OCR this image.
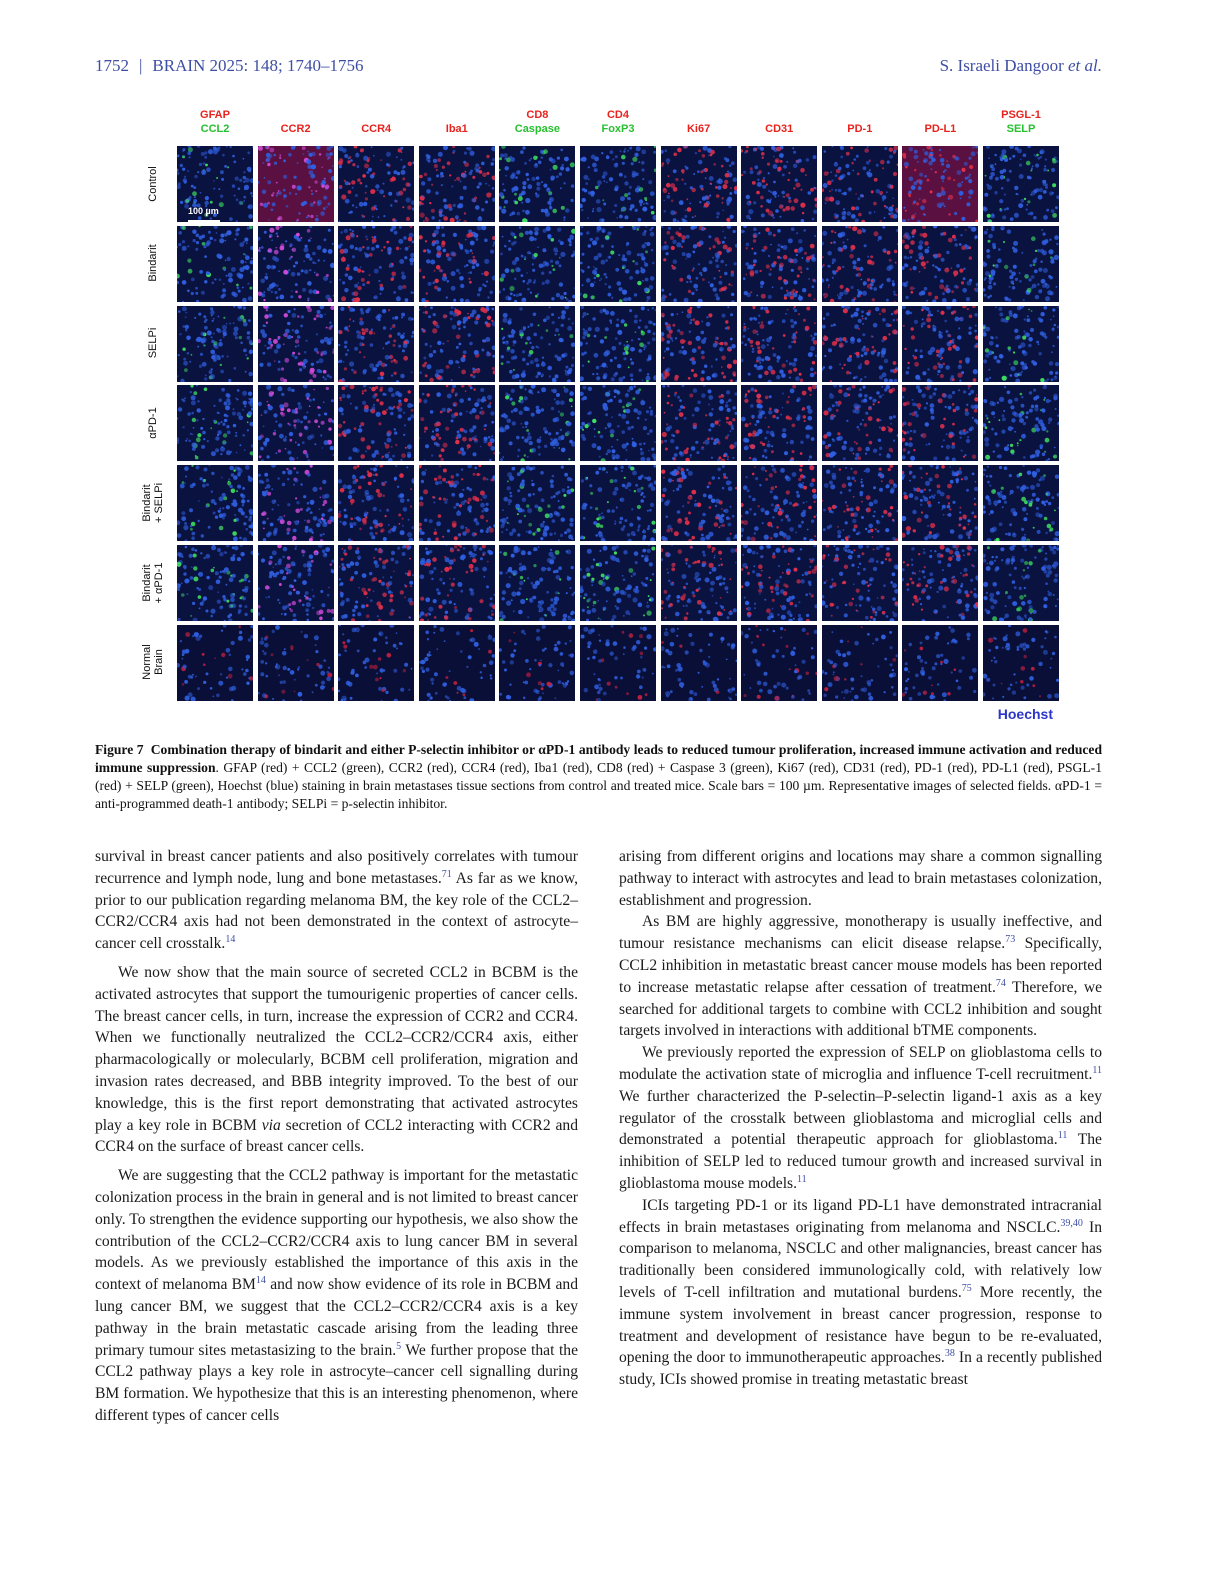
1752 | BRAIN 2025: 148; 1740–1756	S. Israeli Dangoor et al.
GFAP
CCL2
	CCR2
	CCR4
	Iba1
CD8
Caspase
CD4
FoxP3
	Ki67
	CD31
	PD-1
	PD-L1
PSGL-1
SELP
Control
Bindarit
SELPi
αPD-1
Bindarit + SELPi
Bindarit + αPD-1
Normal Brain
100 µm
Hoechst
Figure 7 Combination therapy of bindarit and either P-selectin inhibitor or αPD-1 antibody leads to reduced tumour proliferation, increased immune activation and reduced immune suppression. GFAP (red) + CCL2 (green), CCR2 (red), CCR4 (red), Iba1 (red), CD8 (red) + Caspase 3 (green), Ki67 (red), CD31 (red), PD-1 (red), PD-L1 (red), PSGL-1 (red) + SELP (green), Hoechst (blue) staining in brain metastases tissue sections from control and treated mice. Scale bars = 100 µm. Representative images of selected fields. αPD-1 = anti-programmed death-1 antibody; SELPi = p-selectin inhibitor.

survival in breast cancer patients and also positively correlates with tumour recurrence and lymph node, lung and bone metastases.$^{71}$ As far as we know, prior to our publication regarding melanoma BM, the key role of the CCL2–CCR2/CCR4 axis had not been demonstrated in the context of astrocyte–cancer cell crosstalk.$^{14}$

We now show that the main source of secreted CCL2 in BCBM is the activated astrocytes that support the tumourigenic properties of cancer cells. The breast cancer cells, in turn, increase the expression of CCR2 and CCR4. When we functionally neutralized the CCL2–CCR2/CCR4 axis, either pharmacologically or molecularly, BCBM cell proliferation, migration and invasion rates decreased, and BBB integrity improved. To the best of our knowledge, this is the first report demonstrating that activated astrocytes play a key role in BCBM via secretion of CCL2 interacting with CCR2 and CCR4 on the surface of breast cancer cells.

We are suggesting that the CCL2 pathway is important for the metastatic colonization process in the brain in general and is not limited to breast cancer only. To strengthen the evidence supporting our hypothesis, we also show the contribution of the CCL2–CCR2/CCR4 axis to lung cancer BM in several models. As we previously established the importance of this axis in the context of melanoma BM$^{14}$ and now show evidence of its role in BCBM and lung cancer BM, we suggest that the CCL2–CCR2/CCR4 axis is a key pathway in the brain metastatic cascade arising from the leading three primary tumour sites metastasizing to the brain.$^5$ We further propose that the CCL2 pathway plays a key role in astrocyte–cancer cell signalling during BM formation. We hypothesize that this is an interesting phenomenon, where different types of cancer cells

arising from different origins and locations may share a common signalling pathway to interact with astrocytes and lead to brain metastases colonization, establishment and progression.

As BM are highly aggressive, monotherapy is usually ineffective, and tumour resistance mechanisms can elicit disease relapse.$^{73}$ Specifically, CCL2 inhibition in metastatic breast cancer mouse models has been reported to increase metastatic relapse after cessation of treatment.$^{74}$ Therefore, we searched for additional targets to combine with CCL2 inhibition and sought targets involved in interactions with additional bTME components.

We previously reported the expression of SELP on glioblastoma cells to modulate the activation state of microglia and influence T-cell recruitment.$^{11}$ We further characterized the P-selectin–P-selectin ligand-1 axis as a key regulator of the crosstalk between glioblastoma and microglial cells and demonstrated a potential therapeutic approach for glioblastoma.$^{11}$ The inhibition of SELP led to reduced tumour growth and increased survival in glioblastoma mouse models.$^{11}$

ICIs targeting PD-1 or its ligand PD-L1 have demonstrated intracranial effects in brain metastases originating from melanoma and NSCLC.$^{39,40}$ In comparison to melanoma, NSCLC and other malignancies, breast cancer has traditionally been considered immunologically cold, with relatively low levels of T-cell infiltration and mutational burdens.$^{75}$ More recently, the immune system involvement in breast cancer progression, response to treatment and development of resistance have begun to be re-evaluated, opening the door to immunotherapeutic approaches.$^{38}$ In a recently published study, ICIs showed promise in treating metastatic breast
